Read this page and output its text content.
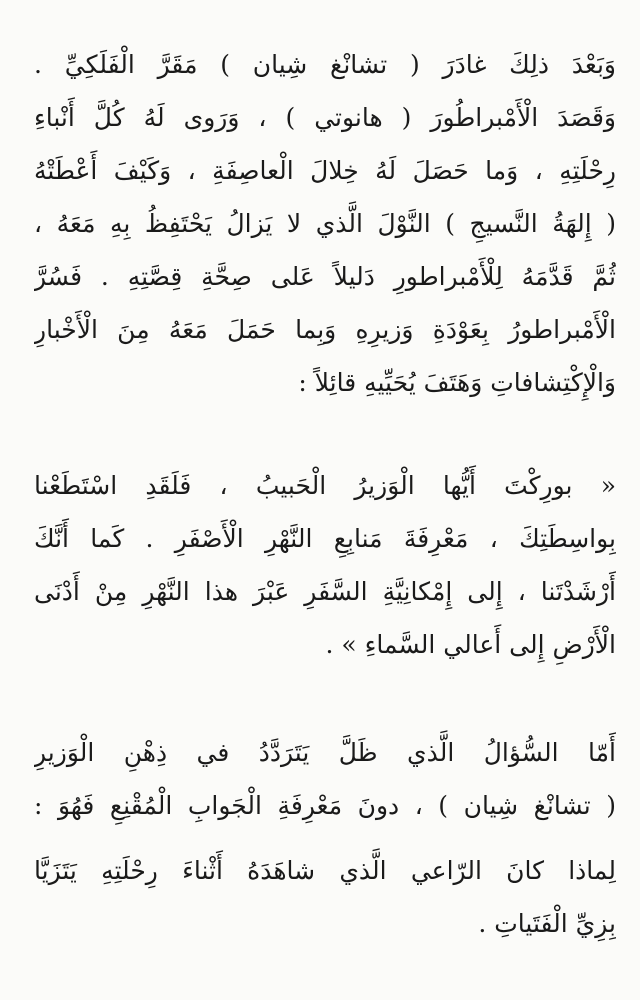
وَبَعْدَ ذلِكَ غادَرَ ( تشانْغ شِيان ) مَقَرَّ الْفَلَكِيِّ .
وَقَصَدَ الْأَمْبراطُورَ ( هانوتي ) ، وَرَوى لَهُ كُلَّ أَنْباءِ
رِحْلَتِهِ ، وَما حَصَلَ لَهُ خِلالَ الْعاصِفَةِ ، وَكَيْفَ أَعْطَتْهُ
( إِلهَةُ النَّسيجِ ) النَّوْلَ الَّذي لا يَزالُ يَحْتَفِظُ بِهِ مَعَهُ ،
ثُمَّ قَدَّمَهُ لِلْأَمْبراطورِ دَليلاً عَلى صِحَّةِ قِصَّتِهِ . فَسُرَّ
الْأَمْبراطورُ بِعَوْدَةِ وَزيرِهِ وَبِما حَمَلَ مَعَهُ مِنَ الْأَخْبارِ
وَالْإِكْتِشافاتِ وَهَتَفَ يُحَيِّيهِ قائِلاً :
« بورِكْتَ أَيُّها الْوَزيرُ الْحَبيبُ ، فَلَقَدِ اسْتَطَعْنا
بِواسِطَتِكَ ، مَعْرِفَةَ مَنابِعِ النَّهْرِ الْأَصْفَرِ . كَما أَنَّكَ
أَرْشَدْتَنا ، إِلى إِمْكانِيَّةِ السَّفَرِ عَبْرَ هذا النَّهْرِ مِنْ أَدْنَى
الْأَرْضِ إِلى أَعالي السَّماءِ » .
أَمّا السُّؤالُ الَّذي ظَلَّ يَتَرَدَّدُ في ذِهْنِ الْوَزيرِ
( تشانْغ شِيان ) ، دونَ مَعْرِفَةِ الْجَوابِ الْمُقْنِعِ فَهُوَ :
لِماذا كانَ الرّاعي الَّذي شاهَدَهُ أَثْناءَ رِحْلَتِهِ يَتَزَيَّا
بِزِيِّ الْفَتَياتِ .
